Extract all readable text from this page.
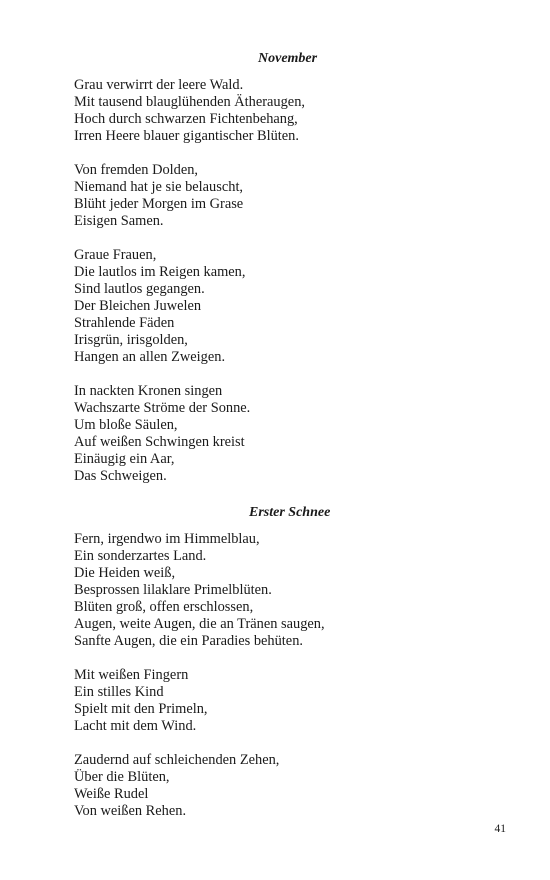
November
Grau verwirrt der leere Wald.
Mit tausend blauglühenden Ätheraugen,
Hoch durch schwarzen Fichtenbehang,
Irren Heere blauer gigantischer Blüten.
Von fremden Dolden,
Niemand hat je sie belauscht,
Blüht jeder Morgen im Grase
Eisigen Samen.
Graue Frauen,
Die lautlos im Reigen kamen,
Sind lautlos gegangen.
Der Bleichen Juwelen
Strahlende Fäden
Irisgrün, irisgolden,
Hangen an allen Zweigen.
In nackten Kronen singen
Wachszarte Ströme der Sonne.
Um bloße Säulen,
Auf weißen Schwingen kreist
Einäugig ein Aar,
Das Schweigen.
Erster Schnee
Fern, irgendwo im Himmelblau,
Ein sonderzartes Land.
Die Heiden weiß,
Besprossen lilaklare Primelblüten.
Blüten groß, offen erschlossen,
Augen, weite Augen, die an Tränen saugen,
Sanfte Augen, die ein Paradies behüten.
Mit weißen Fingern
Ein stilles Kind
Spielt mit den Primeln,
Lacht mit dem Wind.
Zaudernd auf schleichenden Zehen,
Über die Blüten,
Weiße Rudel
Von weißen Rehen.
41
